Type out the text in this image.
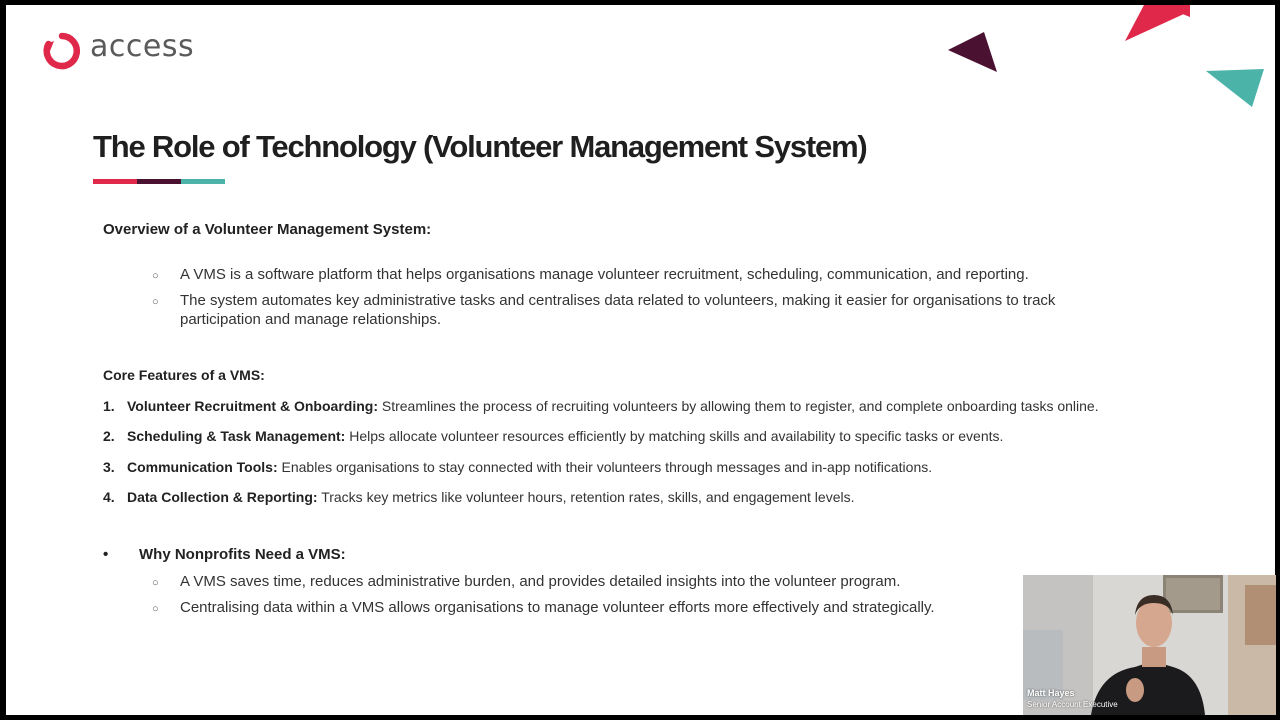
access
The Role of Technology (Volunteer Management System)
Overview of a Volunteer Management System:
○ A VMS is a software platform that helps organisations manage volunteer recruitment, scheduling, communication, and reporting.
○ The system automates key administrative tasks and centralises data related to volunteers, making it easier for organisations to track participation and manage relationships.
Core Features of a VMS:
1. Volunteer Recruitment & Onboarding: Streamlines the process of recruiting volunteers by allowing them to register, and complete onboarding tasks online.
2. Scheduling & Task Management: Helps allocate volunteer resources efficiently by matching skills and availability to specific tasks or events.
3. Communication Tools: Enables organisations to stay connected with their volunteers through messages and in-app notifications.
4. Data Collection & Reporting: Tracks key metrics like volunteer hours, retention rates, skills, and engagement levels.
• Why Nonprofits Need a VMS:
○ A VMS saves time, reduces administrative burden, and provides detailed insights into the volunteer program.
○ Centralising data within a VMS allows organisations to manage volunteer efforts more effectively and strategically.
Matt Hayes
Senior Account Executive
